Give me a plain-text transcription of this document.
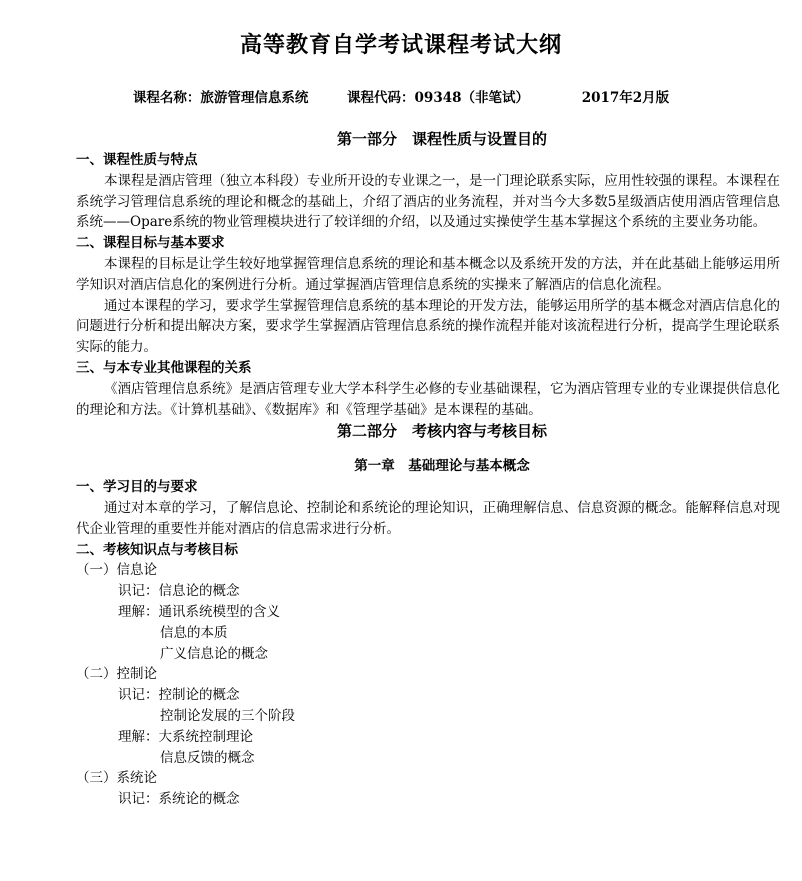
高等教育自学考试课程考试大纲
课程名称：旅游管理信息系统	课程代码：09348（非笔试）	2017年2月版
第一部分　课程性质与设置目的
一、课程性质与特点
本课程是酒店管理（独立本科段）专业所开设的专业课之一，是一门理论联系实际，应用性较强的课程。本课程在系统学习管理信息系统的理论和概念的基础上，介绍了酒店的业务流程，并对当今大多数5星级酒店使用酒店管理信息系统——Opare系统的物业管理模块进行了较详细的介绍，以及通过实操使学生基本掌握这个系统的主要业务功能。
二、课程目标与基本要求
本课程的目标是让学生较好地掌握管理信息系统的理论和基本概念以及系统开发的方法，并在此基础上能够运用所学知识对酒店信息化的案例进行分析。通过掌握酒店管理信息系统的实操来了解酒店的信息化流程。
通过本课程的学习，要求学生掌握管理信息系统的基本理论的开发方法，能够运用所学的基本概念对酒店信息化的问题进行分析和提出解决方案，要求学生掌握酒店管理信息系统的操作流程并能对该流程进行分析，提高学生理论联系实际的能力。
三、与本专业其他课程的关系
《酒店管理信息系统》是酒店管理专业大学本科学生必修的专业基础课程，它为酒店管理专业的专业课提供信息化的理论和方法。《计算机基础》、《数据库》和《管理学基础》是本课程的基础。
第二部分　考核内容与考核目标
第一章　基础理论与基本概念
一、学习目的与要求
通过对本章的学习，了解信息论、控制论和系统论的理论知识，正确理解信息、信息资源的概念。能解释信息对现代企业管理的重要性并能对酒店的信息需求进行分析。
二、考核知识点与考核目标
（一）信息论
识记：信息论的概念
理解：通讯系统模型的含义
信息的本质
广义信息论的概念
（二）控制论
识记：控制论的概念
控制论发展的三个阶段
理解：大系统控制理论
信息反馈的概念
（三）系统论
识记：系统论的概念
